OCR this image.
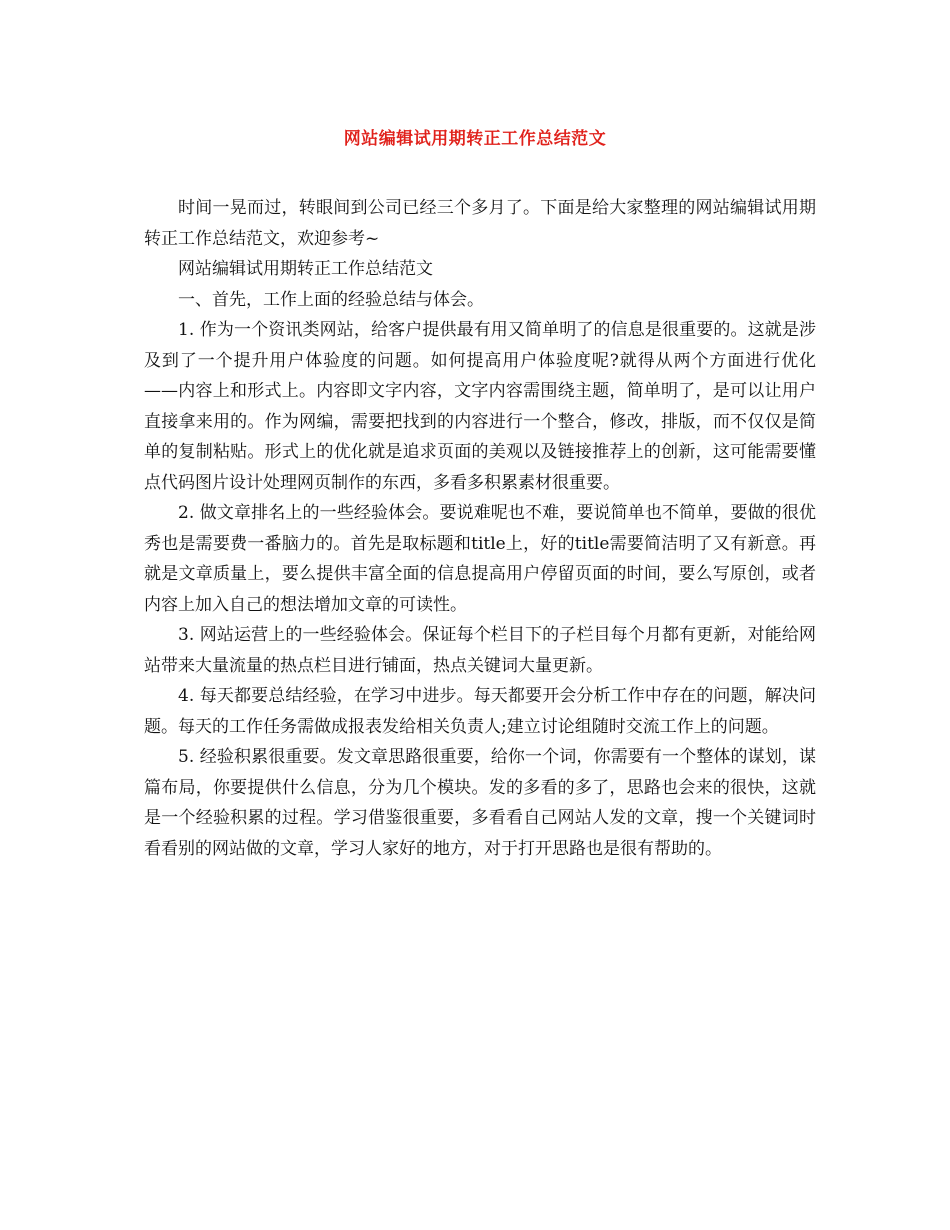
网站编辑试用期转正工作总结范文

时间一晃而过，转眼间到公司已经三个多月了。下面是给大家整理的网站编辑试用期转正工作总结范文，欢迎参考~

网站编辑试用期转正工作总结范文

一、首先，工作上面的经验总结与体会。

1. 作为一个资讯类网站，给客户提供最有用又简单明了的信息是很重要的。这就是涉及到了一个提升用户体验度的问题。如何提高用户体验度呢?就得从两个方面进行优化——内容上和形式上。内容即文字内容，文字内容需围绕主题，简单明了，是可以让用户直接拿来用的。作为网编，需要把找到的内容进行一个整合，修改，排版，而不仅仅是简单的复制粘贴。形式上的优化就是追求页面的美观以及链接推荐上的创新，这可能需要懂点代码图片设计处理网页制作的东西，多看多积累素材很重要。

2. 做文章排名上的一些经验体会。要说难呢也不难，要说简单也不简单，要做的很优秀也是需要费一番脑力的。首先是取标题和title上，好的title需要简洁明了又有新意。再就是文章质量上，要么提供丰富全面的信息提高用户停留页面的时间，要么写原创，或者内容上加入自己的想法增加文章的可读性。

3. 网站运营上的一些经验体会。保证每个栏目下的子栏目每个月都有更新，对能给网站带来大量流量的热点栏目进行铺面，热点关键词大量更新。

4. 每天都要总结经验，在学习中进步。每天都要开会分析工作中存在的问题，解决问题。每天的工作任务需做成报表发给相关负责人;建立讨论组随时交流工作上的问题。

5. 经验积累很重要。发文章思路很重要，给你一个词，你需要有一个整体的谋划，谋篇布局，你要提供什么信息，分为几个模块。发的多看的多了，思路也会来的很快，这就是一个经验积累的过程。学习借鉴很重要，多看看自己网站人发的文章，搜一个关键词时看看别的网站做的文章，学习人家好的地方，对于打开思路也是很有帮助的。
